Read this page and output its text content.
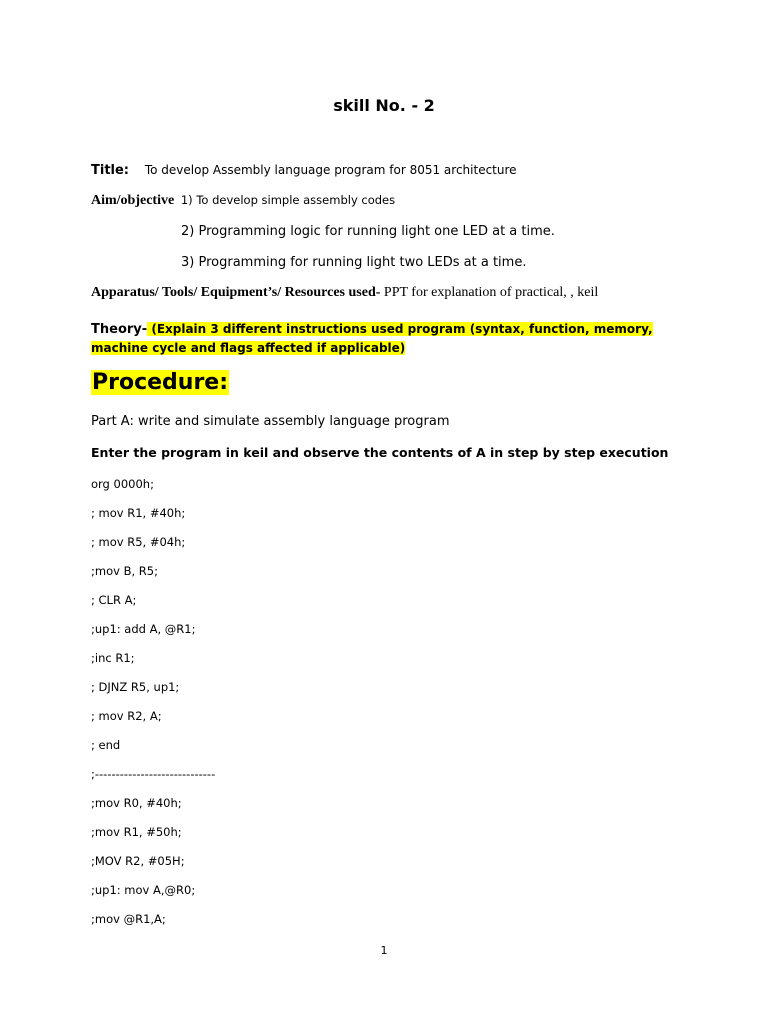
skill No. - 2
Title: To develop Assembly language program for 8051 architecture
Aim/objective 1) To develop simple assembly codes
2) Programming logic for running light one LED at a time.
3) Programming for running light two LEDs at a time.
Apparatus/ Tools/ Equipment’s/ Resources used- PPT for explanation of practical, , keil
Theory- (Explain 3 different instructions used program (syntax, function, memory, machine cycle and flags affected if applicable)
Procedure:
Part A: write and simulate assembly language program
Enter the program in keil and observe the contents of A in step by step execution
org 0000h;
; mov R1, #40h;
; mov R5, #04h;
;mov B, R5;
; CLR A;
;up1: add A, @R1;
;inc R1;
; DJNZ R5, up1;
; mov R2, A;
; end
;-----------------------------
;mov R0, #40h;
;mov R1, #50h;
;MOV R2, #05H;
;up1: mov A,@R0;
;mov @R1,A;
1
